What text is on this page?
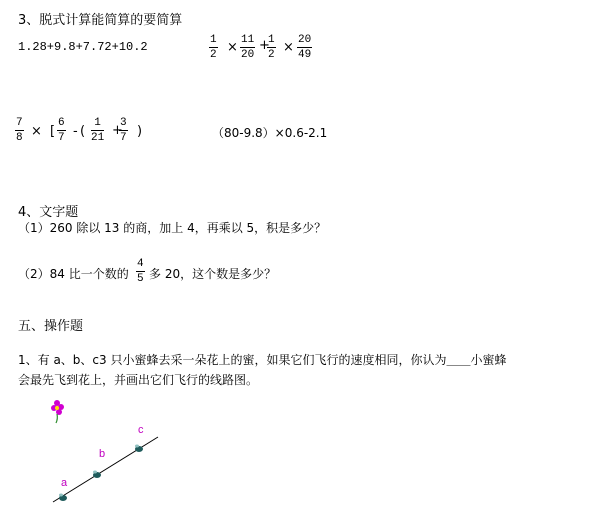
3、脱式计算能简算的要简算
1.28+9.8+7.72+10.2	$\frac{1}{2} \times \frac{11}{20}$ +
$\frac{1}{2} \times \frac{20}{49}$
$\frac{7}{8}$ × [ $\frac{6}{7}$ - ( $\frac{1}{21}$ +
$\frac{3}{7}$ )	（80-9.8）×0.6-2.1
4、文字题
（1）260 除以 13 的商，加上 4，再乘以 5，积是多少？
（2）84 比一个数的 $\frac{4}{5}$ 多 20，这个数是多少？
五、操作题
1、有 a、b、c3 只小蜜蜂去采一朵花上的蜜，如果它们飞行的速度相同，你认为＿＿小蜜蜂
会最先飞到花上，并画出它们飞行的线路图。
a
b
c
